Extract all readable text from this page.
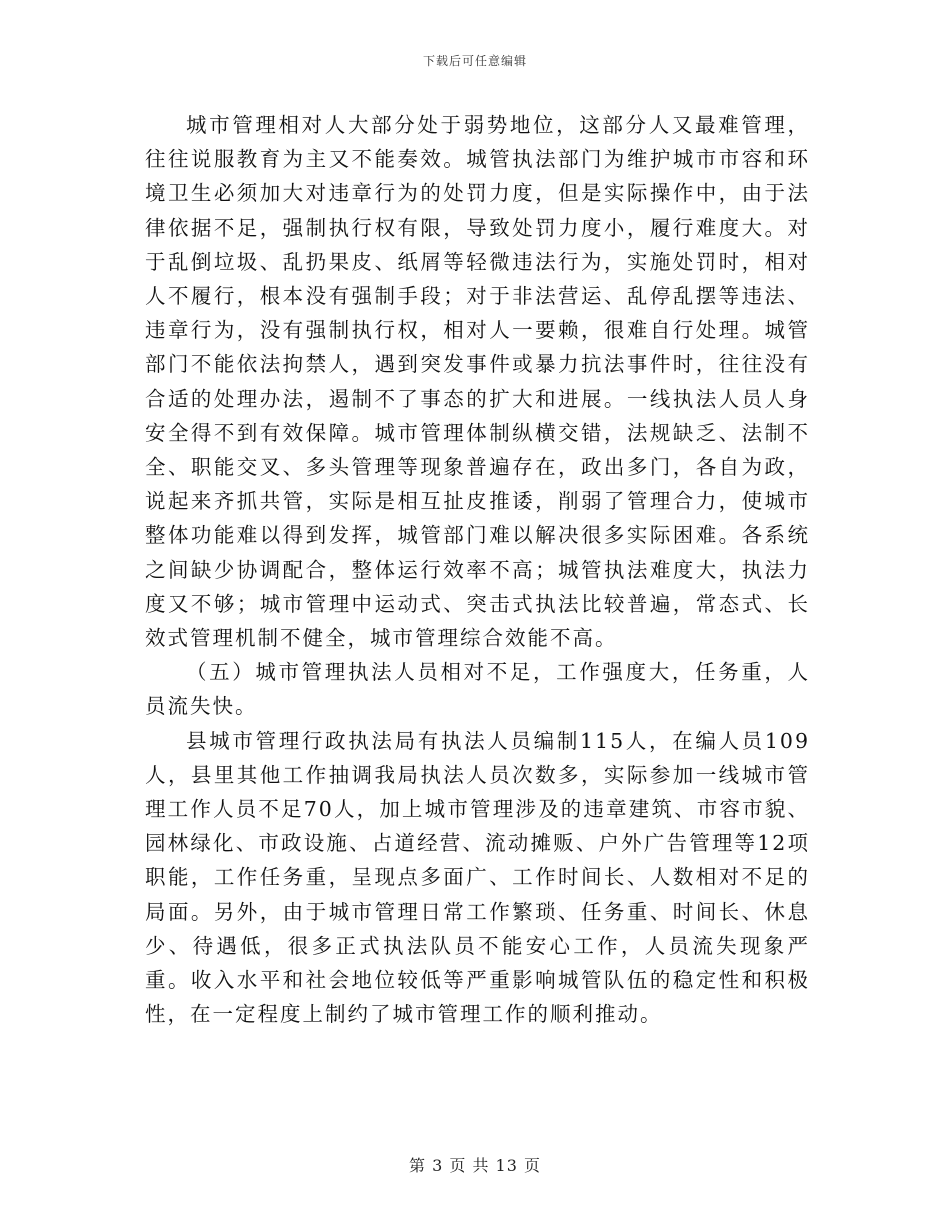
下载后可任意编辑

城市管理相对人大部分处于弱势地位，这部分人又最难管理，往往说服教育为主又不能奏效。城管执法部门为维护城市市容和环境卫生必须加大对违章行为的处罚力度，但是实际操作中，由于法律依据不足，强制执行权有限，导致处罚力度小，履行难度大。对于乱倒垃圾、乱扔果皮、纸屑等轻微违法行为，实施处罚时，相对人不履行，根本没有强制手段；对于非法营运、乱停乱摆等违法、违章行为，没有强制执行权，相对人一要赖，很难自行处理。城管部门不能依法拘禁人，遇到突发事件或暴力抗法事件时，往往没有合适的处理办法，遏制不了事态的扩大和进展。一线执法人员人身安全得不到有效保障。城市管理体制纵横交错，法规缺乏、法制不全、职能交叉、多头管理等现象普遍存在，政出多门，各自为政，说起来齐抓共管，实际是相互扯皮推诿，削弱了管理合力，使城市整体功能难以得到发挥，城管部门难以解决很多实际困难。各系统之间缺少协调配合，整体运行效率不高；城管执法难度大，执法力度又不够；城市管理中运动式、突击式执法比较普遍，常态式、长效式管理机制不健全，城市管理综合效能不高。

（五）城市管理执法人员相对不足，工作强度大，任务重，人员流失快。

县城市管理行政执法局有执法人员编制115人，在编人员109人，县里其他工作抽调我局执法人员次数多，实际参加一线城市管理工作人员不足70人，加上城市管理涉及的违章建筑、市容市貌、园林绿化、市政设施、占道经营、流动摊贩、户外广告管理等12项职能，工作任务重，呈现点多面广、工作时间长、人数相对不足的局面。另外，由于城市管理日常工作繁琐、任务重、时间长、休息少、待遇低，很多正式执法队员不能安心工作，人员流失现象严重。收入水平和社会地位较低等严重影响城管队伍的稳定性和积极性，在一定程度上制约了城市管理工作的顺利推动。

第 3 页 共 13 页
